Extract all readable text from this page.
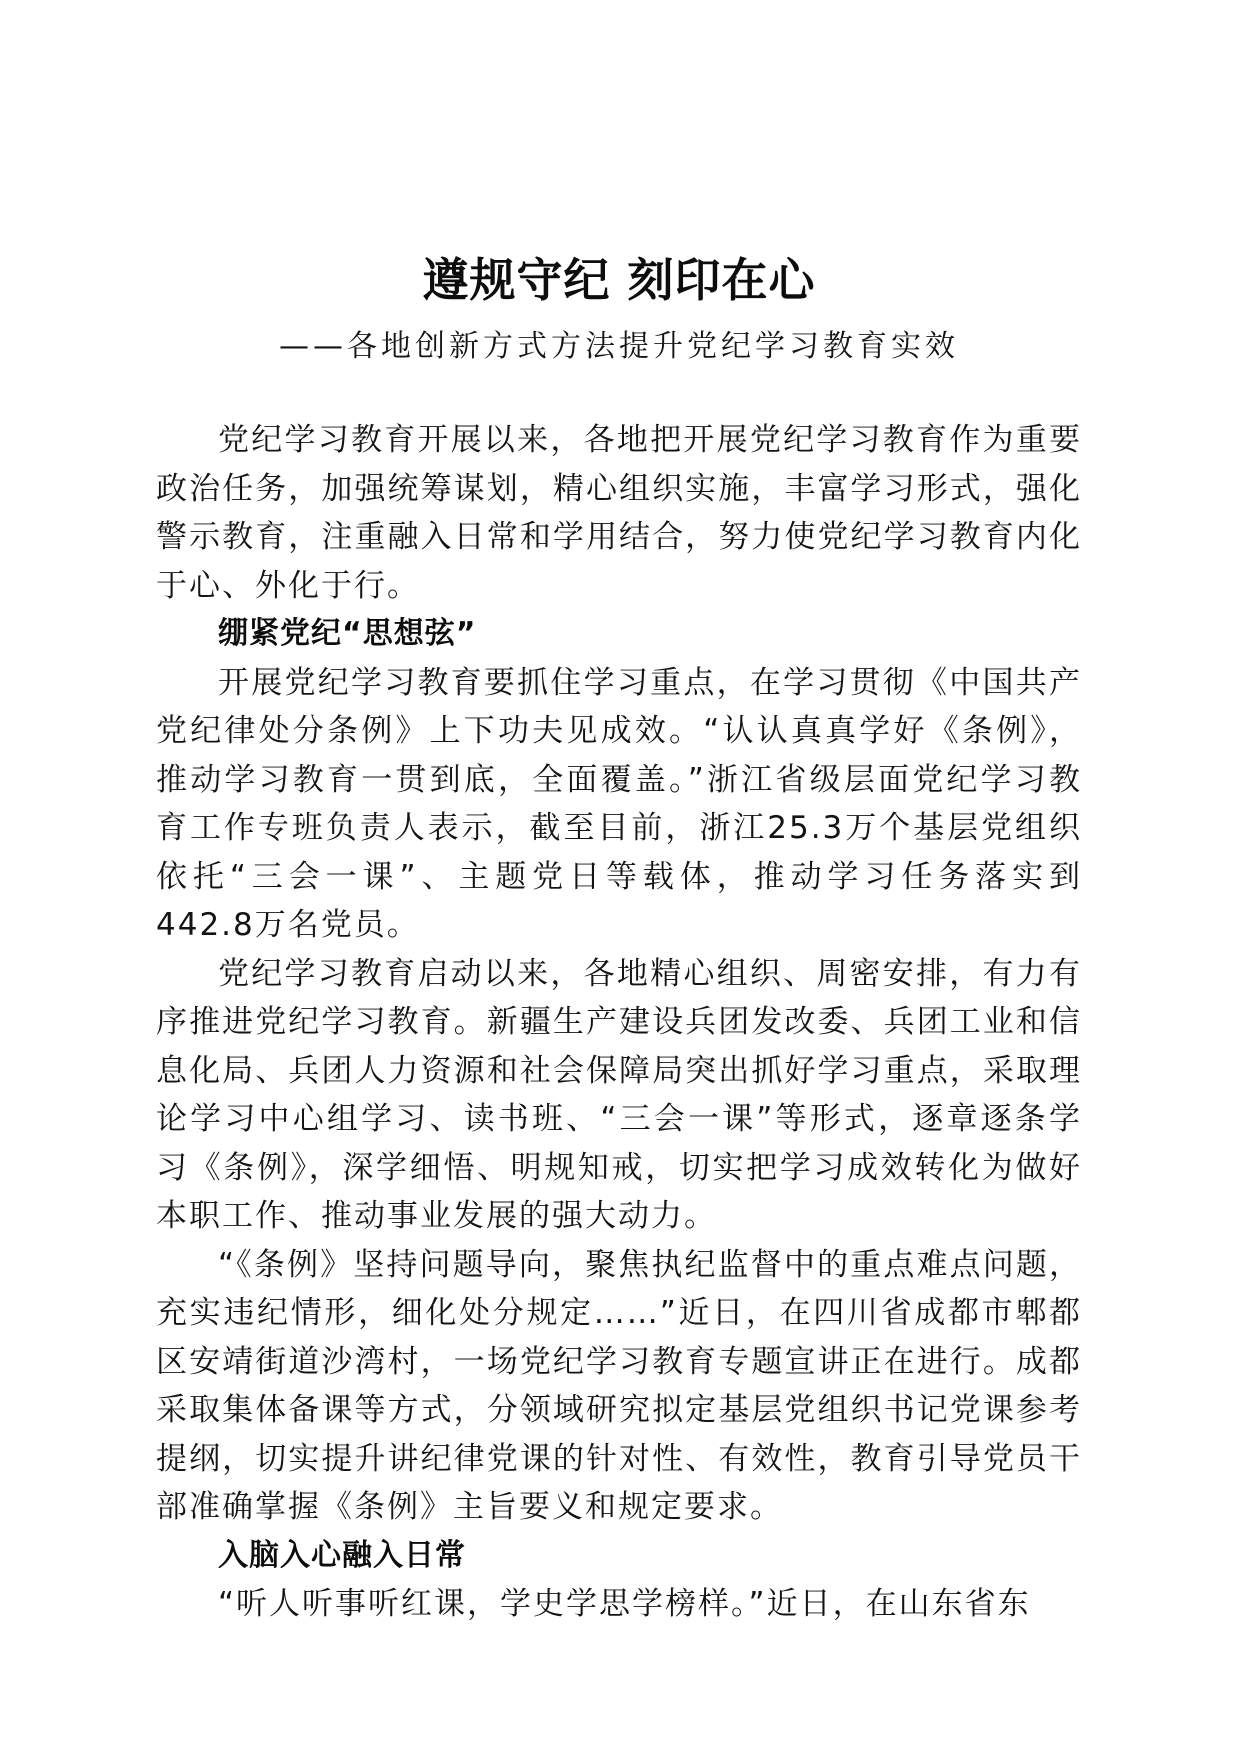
遵规守纪 刻印在心
——各地创新方式方法提升党纪学习教育实效

党纪学习教育开展以来，各地把开展党纪学习教育作为重要政治任务，加强统筹谋划，精心组织实施，丰富学习形式，强化警示教育，注重融入日常和学用结合，努力使党纪学习教育内化于心、外化于行。

绷紧党纪“思想弦”

开展党纪学习教育要抓住学习重点，在学习贯彻《中国共产党纪律处分条例》上下功夫见成效。“认认真真学好《条例》，推动学习教育一贯到底，全面覆盖。”浙江省级层面党纪学习教育工作专班负责人表示，截至目前，浙江25.3万个基层党组织依托“三会一课”、主题党日等载体，推动学习任务落实到442.8万名党员。

党纪学习教育启动以来，各地精心组织、周密安排，有力有序推进党纪学习教育。新疆生产建设兵团发改委、兵团工业和信息化局、兵团人力资源和社会保障局突出抓好学习重点，采取理论学习中心组学习、读书班、“三会一课”等形式，逐章逐条学习《条例》，深学细悟、明规知戒，切实把学习成效转化为做好本职工作、推动事业发展的强大动力。

“《条例》坚持问题导向，聚焦执纪监督中的重点难点问题，充实违纪情形，细化处分规定……”近日，在四川省成都市郫都区安靖街道沙湾村，一场党纪学习教育专题宣讲正在进行。成都采取集体备课等方式，分领域研究拟定基层党组织书记党课参考提纲，切实提升讲纪律党课的针对性、有效性，教育引导党员干部准确掌握《条例》主旨要义和规定要求。

入脑入心融入日常

“听人听事听红课，学史学思学榜样。”近日，在山东省东
